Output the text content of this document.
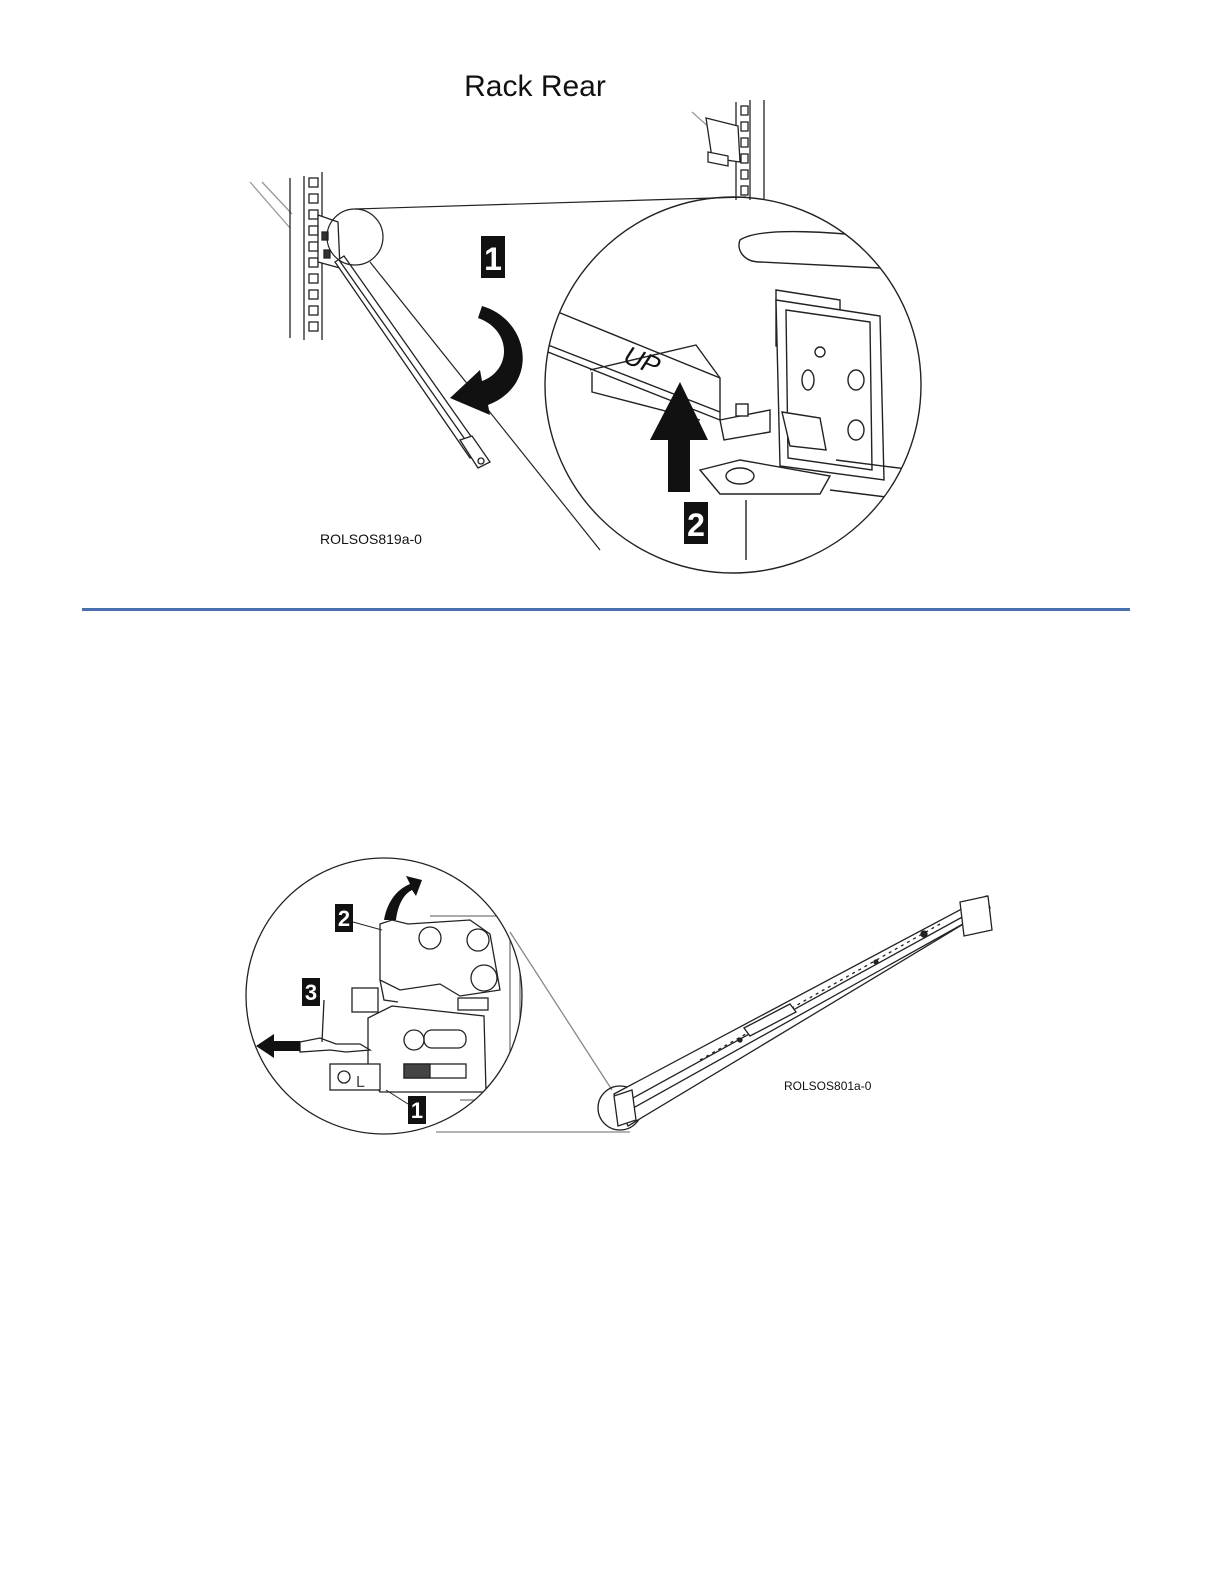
Rack Rear
1
UP
2
ROLSOS819a-0
2
3
1
L	ROLSOS801a-0
